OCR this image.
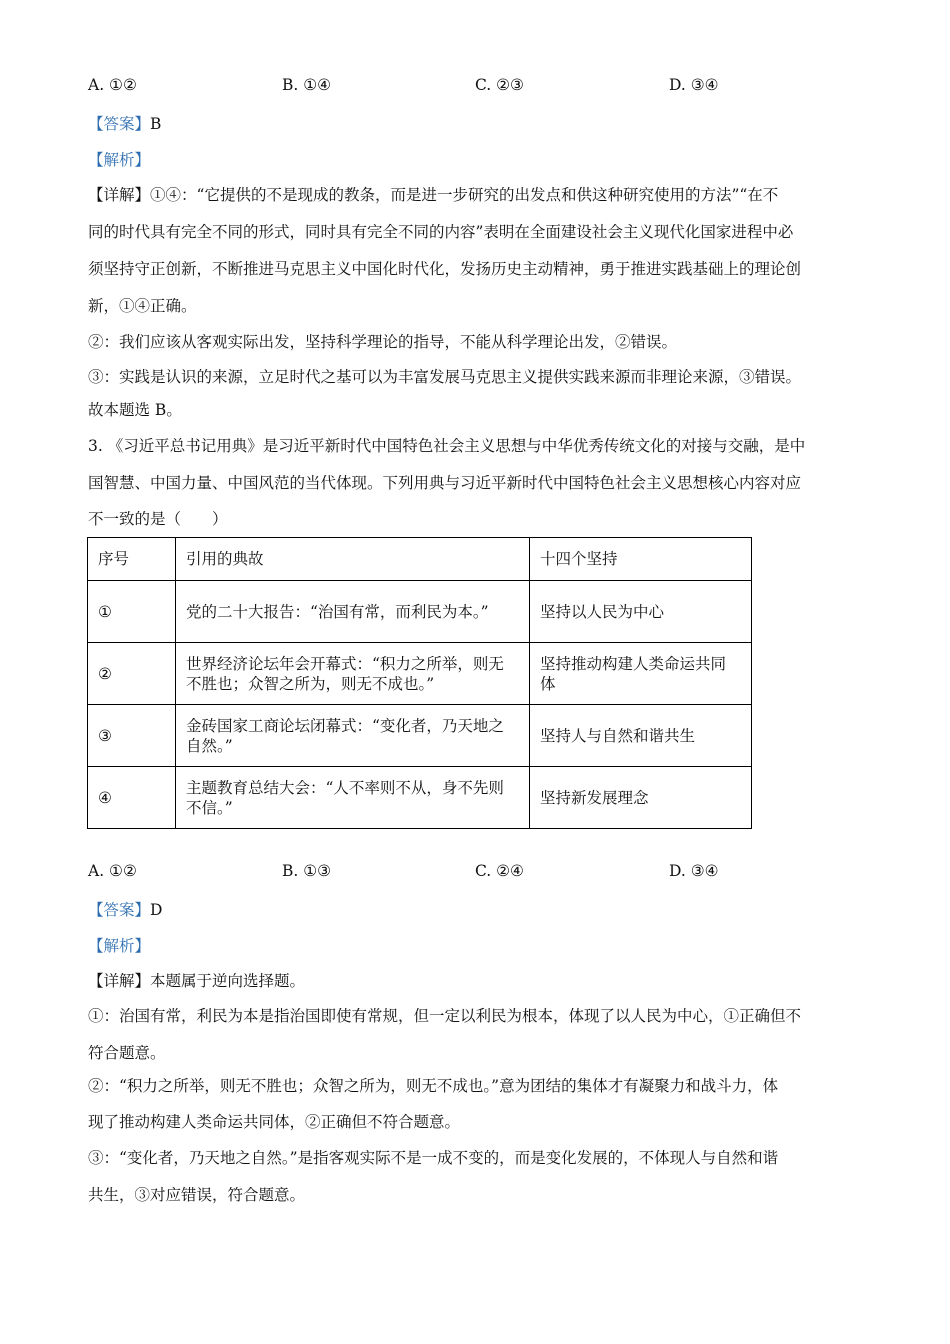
A. ①②	B. ①④	C. ②③	D. ③④
【答案】B
【解析】
【详解】①④：“它提供的不是现成的教条，而是进一步研究的出发点和供这种研究使用的方法”“在不
同的时代具有完全不同的形式，同时具有完全不同的内容”表明在全面建设社会主义现代化国家进程中必
须坚持守正创新，不断推进马克思主义中国化时代化，发扬历史主动精神，勇于推进实践基础上的理论创
新，①④正确。
②：我们应该从客观实际出发，坚持科学理论的指导，不能从科学理论出发，②错误。
③：实践是认识的来源，立足时代之基可以为丰富发展马克思主义提供实践来源而非理论来源，③错误。
故本题选 B。
3. 《习近平总书记用典》是习近平新时代中国特色社会主义思想与中华优秀传统文化的对接与交融，是中
国智慧、中国力量、中国风范的当代体现。下列用典与习近平新时代中国特色社会主义思想核心内容对应
不一致的是（　　）
序号	引用的典故	十四个坚持
①	党的二十大报告：“治国有常，而利民为本。”	坚持以人民为中心
②	世界经济论坛年会开幕式：“积力之所举，则无不胜也；众智之所为，则无不成也。”	坚持推动构建人类命运共同体
③	金砖国家工商论坛闭幕式：“变化者，乃天地之自然。”	坚持人与自然和谐共生
④	主题教育总结大会：“人不率则不从，身不先则不信。”	坚持新发展理念
A. ①②	B. ①③	C. ②④	D. ③④
【答案】D
【解析】
【详解】本题属于逆向选择题。
①：治国有常，利民为本是指治国即使有常规，但一定以利民为根本，体现了以人民为中心，①正确但不
符合题意。
②：“积力之所举，则无不胜也；众智之所为，则无不成也。”意为团结的集体才有凝聚力和战斗力，体
现了推动构建人类命运共同体，②正确但不符合题意。
③：“变化者，乃天地之自然。”是指客观实际不是一成不变的，而是变化发展的，不体现人与自然和谐
共生，③对应错误，符合题意。
